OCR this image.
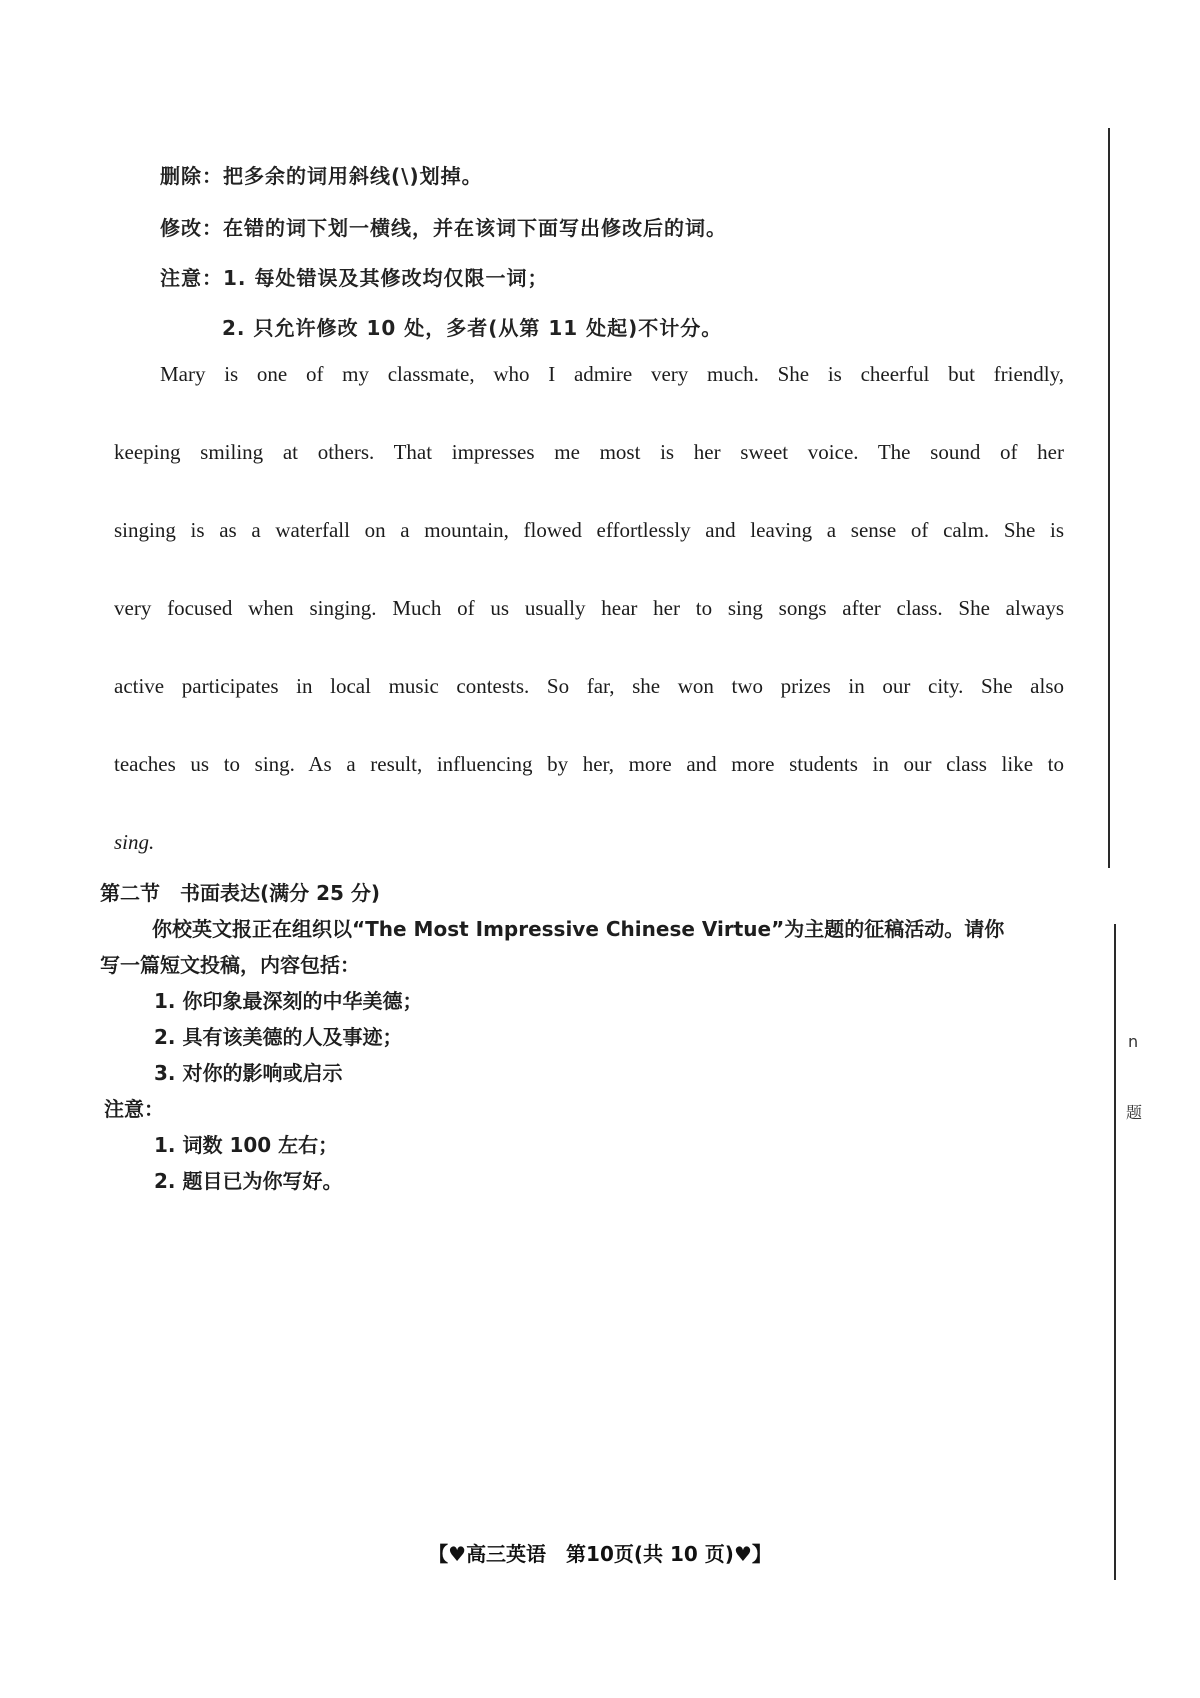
删除：把多余的词用斜线(\)划掉。
修改：在错的词下划一横线，并在该词下面写出修改后的词。
注意：1. 每处错误及其修改均仅限一词；
2. 只允许修改 10 处，多者(从第 11 处起)不计分。
Mary is one of my classmate, who I admire very much. She is cheerful but friendly,
keeping smiling at others. That impresses me most is her sweet voice. The sound of her
singing is as a waterfall on a mountain, flowed effortlessly and leaving a sense of calm. She is
very focused when singing. Much of us usually hear her to sing songs after class. She always
active participates in local music contests. So far, she won two prizes in our city. She also
teaches us to sing. As a result, influencing by her, more and more students in our class like to
sing.
第二节　书面表达(满分 25 分)
你校英文报正在组织以“The Most Impressive Chinese Virtue”为主题的征稿活动。请你
写一篇短文投稿，内容包括：
1. 你印象最深刻的中华美德；
2. 具有该美德的人及事迹；
3. 对你的影响或启示
注意：
1. 词数 100 左右；
2. 题目已为你写好。
【♥高三英语　第10页(共 10 页)♥】
n
题
